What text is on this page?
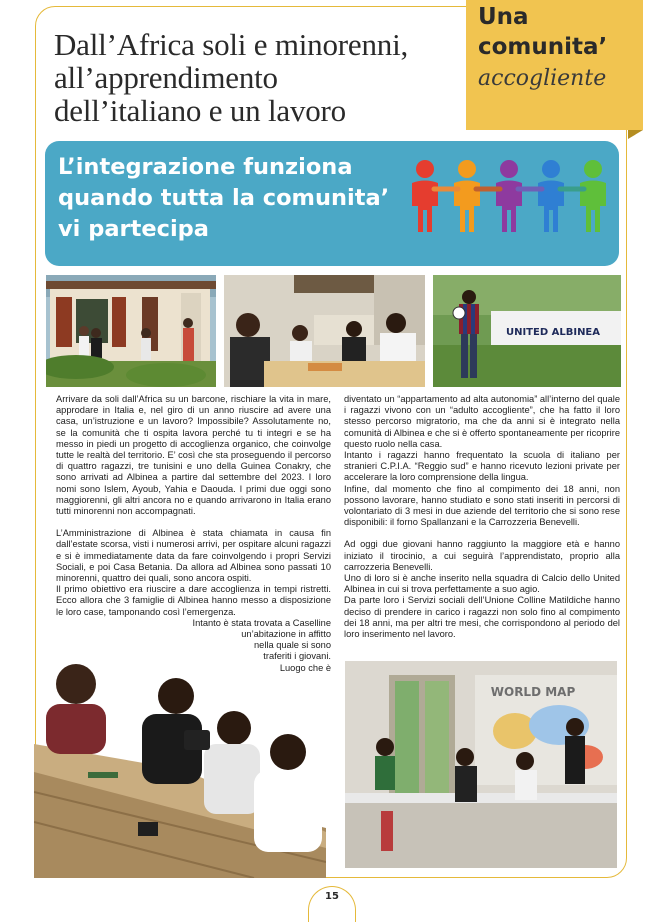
Dall’Africa soli e minorenni,
all’apprendimento
dell’italiano e un lavoro

Una
comunita’

accogliente

L’integrazione funziona
quando tutta la comunita’
vi partecipa

UNITED ALBINEA

Arrivare da soli dall’Africa su un barcone, rischiare la vita in mare, approdare in Italia e, nel giro di un anno riuscire ad avere una casa, un’istruzione e un lavoro? Impossibile? Assolutamente no, se la comunità che ti ospita lavora perché tu ti integri e se ha messo in piedi un progetto di accoglienza organico, che coinvolge tutte le realtà del territorio. E’ così che sta proseguendo il percorso di quattro ragazzi, tre tunisini e uno della Guinea Conakry, che sono arrivati ad Albinea a partire dal settembre del 2023. I loro nomi sono Islem, Ayoub, Yahia e Daouda. I primi due oggi sono maggiorenni, gli altri ancora no e quando arrivarono in Italia erano tutti minorenni non accompagnati.

L’Amministrazione di Albinea è stata chiamata in causa fin dall’estate scorsa, visti i numerosi arrivi, per ospitare alcuni ragazzi e si è immediatamente data da fare coinvolgendo i propri Servizi Sociali, e poi Casa Betania. Da allora ad Albinea sono passati 10 minorenni, quattro dei quali, sono ancora ospiti.

Il primo obiettivo era riuscire a dare accoglienza in tempi ristretti. Ecco allora che 3 famiglie di Albinea hanno messo a disposizione le loro case, tamponando così l’emergenza.

Intanto è stata trovata a Caselline
un’abitazione in affitto
nella quale si sono
traferiti i giovani.
Luogo che è

diventato un “appartamento ad alta autonomia” all’interno del quale i ragazzi vivono con un “adulto accogliente”, che ha fatto il loro stesso percorso migratorio, ma che da anni si è integrato nella comunità di Albinea e che si è offerto spontaneamente per ricoprire questo ruolo nella casa.

Intanto i ragazzi hanno frequentato la scuola di italiano per stranieri C.P.I.A. “Reggio sud” e hanno ricevuto lezioni private per accelerare la loro comprensione della lingua.

Infine, dal momento che fino al compimento dei 18 anni, non possono lavorare, hanno studiato e sono stati inseriti in percorsi di volontariato di 3 mesi in due aziende del territorio che si sono rese disponibili: il forno Spallanzani e la Carrozzeria Benevelli.

Ad oggi due giovani hanno raggiunto la maggiore età e hanno iniziato il tirocinio, a cui seguirà l’apprendistato, proprio alla carrozzeria Benevelli.

Uno di loro si è anche inserito nella squadra di Calcio dello United Albinea in cui si trova perfettamente a suo agio.

Da parte loro i Servizi sociali dell’Unione Colline Matildiche hanno deciso di prendere in carico i ragazzi non solo fino al compimento dei 18 anni, ma per altri tre mesi, che corrispondono al periodo del loro inserimento nel lavoro.

WORLD MAP
15
